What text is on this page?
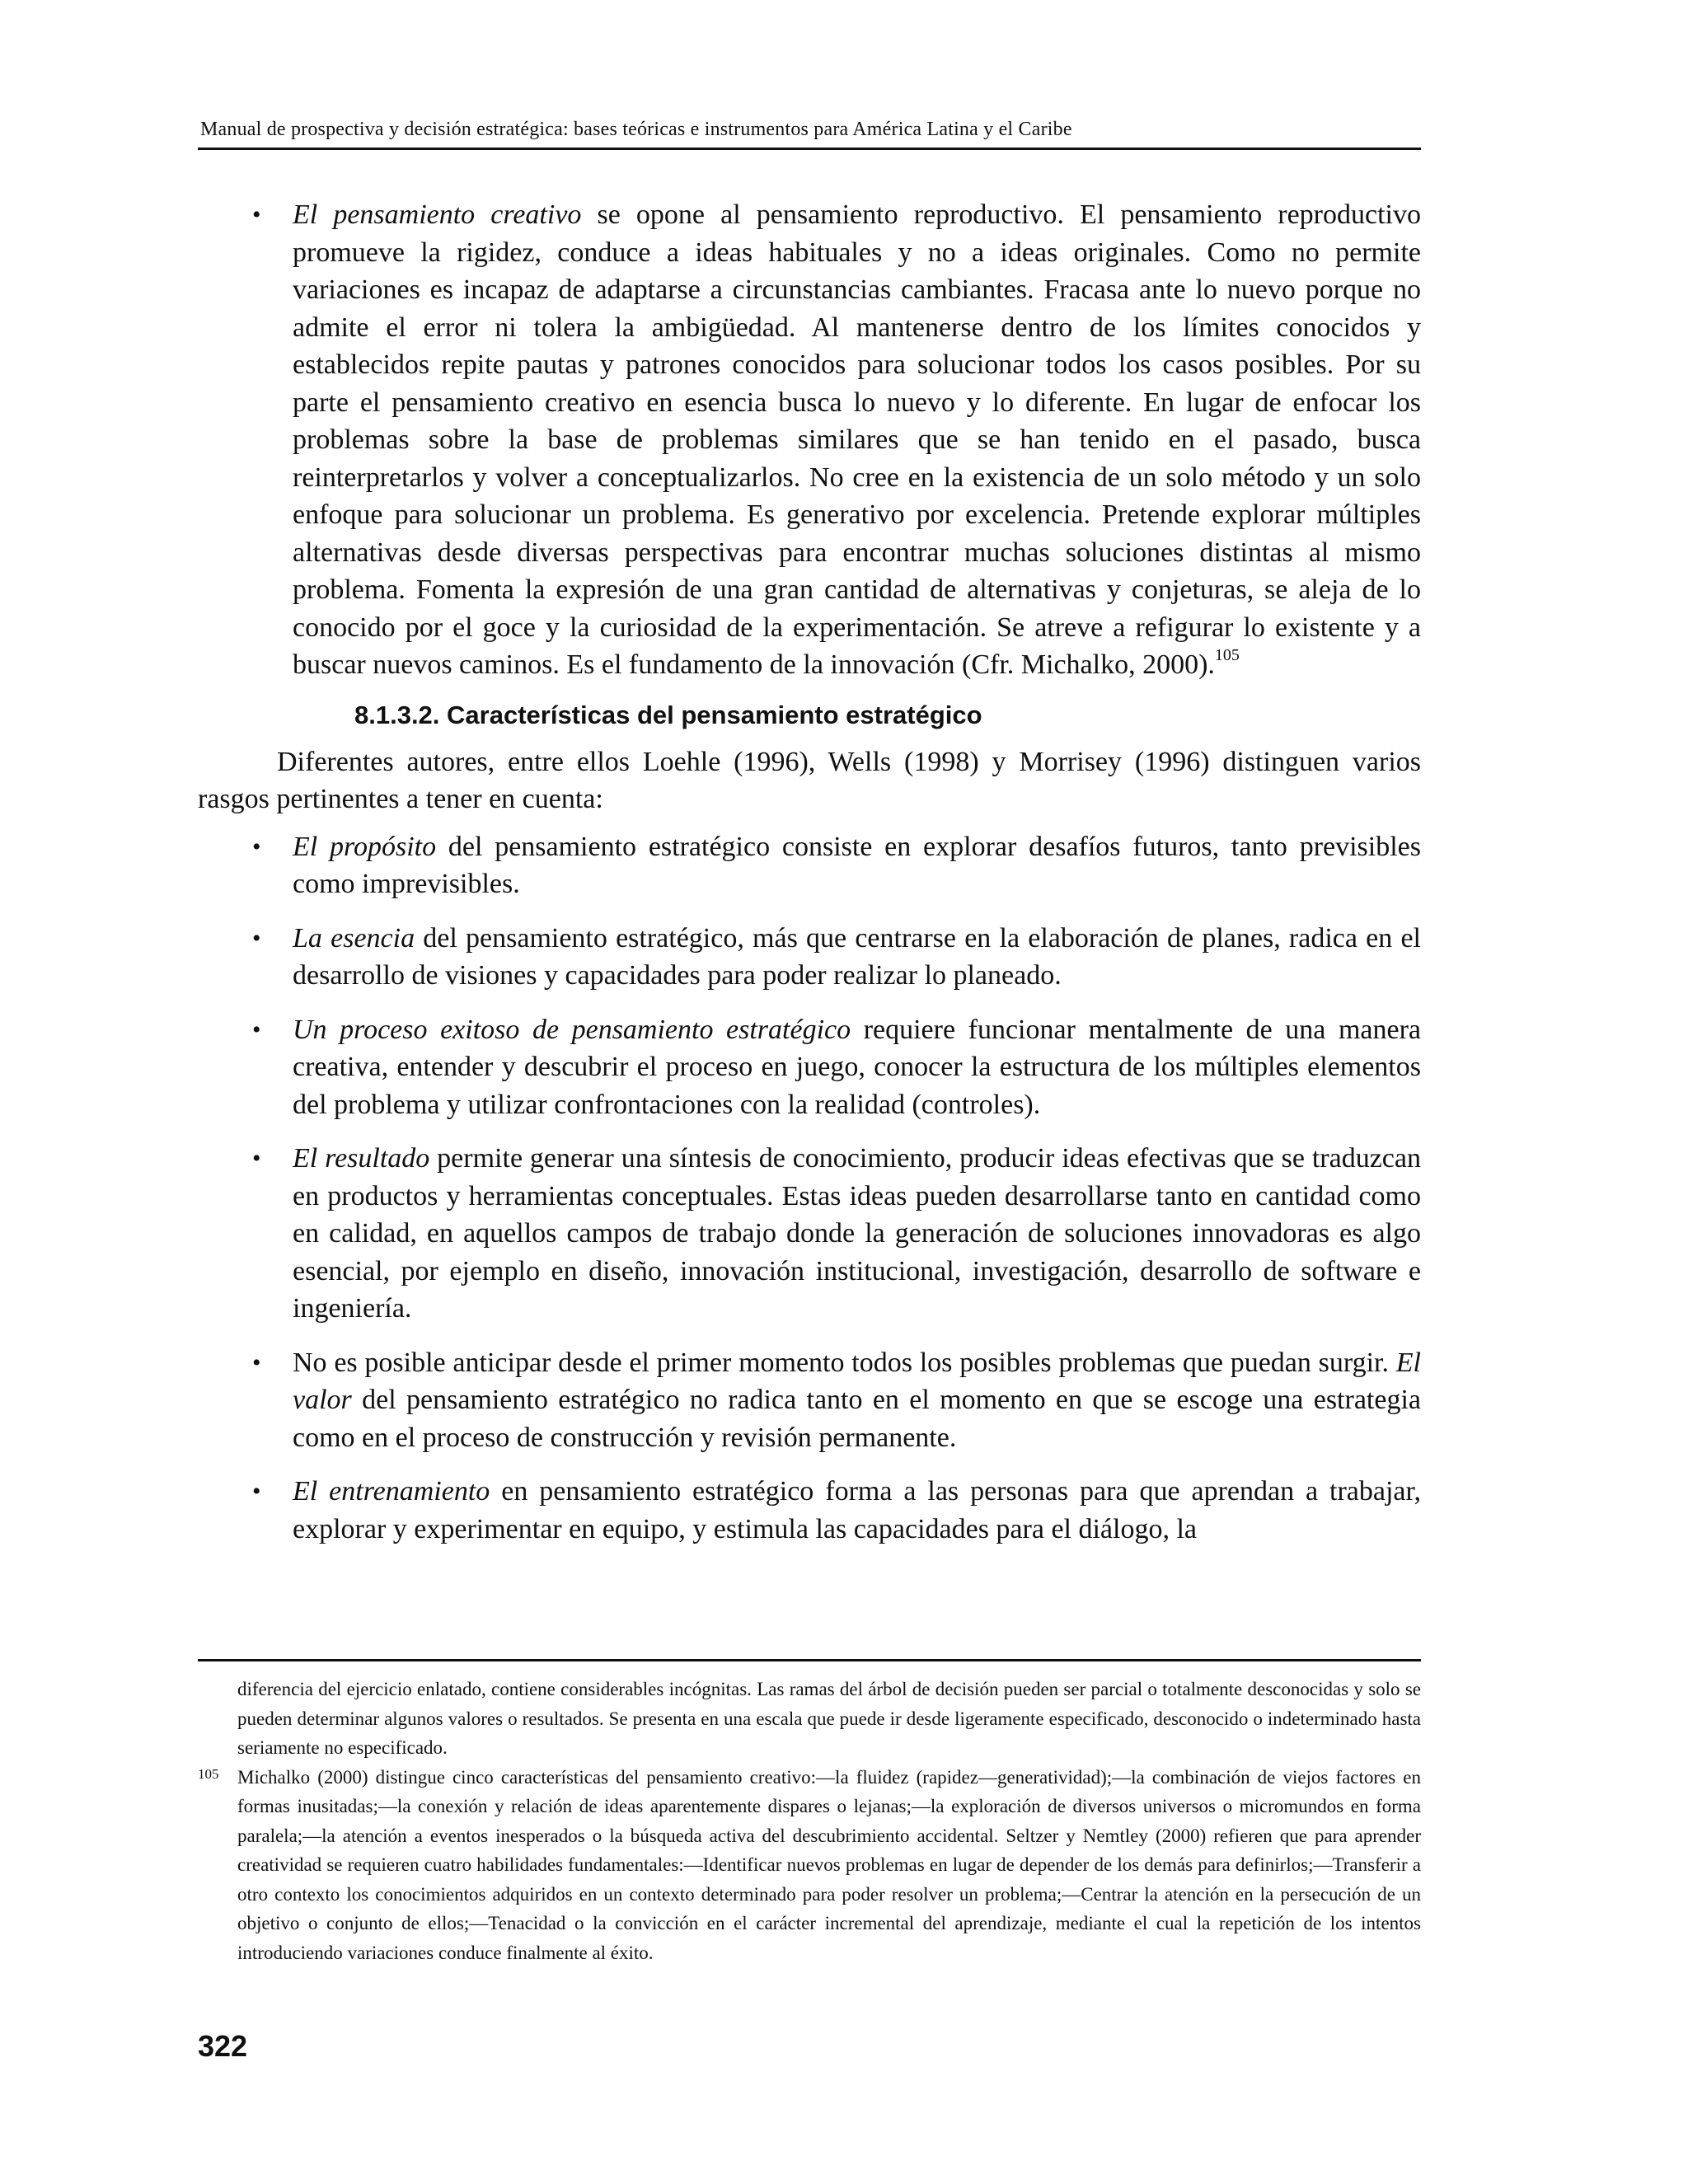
Manual de prospectiva y decisión estratégica: bases teóricas e instrumentos para América Latina y el Caribe

• El pensamiento creativo se opone al pensamiento reproductivo. El pensamiento reproductivo promueve la rigidez, conduce a ideas habituales y no a ideas originales. Como no permite variaciones es incapaz de adaptarse a circunstancias cambiantes. Fracasa ante lo nuevo porque no admite el error ni tolera la ambigüedad. Al mantenerse dentro de los límites conocidos y establecidos repite pautas y patrones conocidos para solucionar todos los casos posibles. Por su parte el pensamiento creativo en esencia busca lo nuevo y lo diferente. En lugar de enfocar los problemas sobre la base de problemas similares que se han tenido en el pasado, busca reinterpretarlos y volver a conceptualizarlos. No cree en la existencia de un solo método y un solo enfoque para solucionar un problema. Es generativo por excelencia. Pretende explorar múltiples alternativas desde diversas perspectivas para encontrar muchas soluciones distintas al mismo problema. Fomenta la expresión de una gran cantidad de alternativas y conjeturas, se aleja de lo conocido por el goce y la curiosidad de la experimentación. Se atreve a refigurar lo existente y a buscar nuevos caminos. Es el fundamento de la innovación (Cfr. Michalko, 2000).$^{105}$

8.1.3.2. Características del pensamiento estratégico

Diferentes autores, entre ellos Loehle (1996), Wells (1998) y Morrisey (1996) distinguen varios rasgos pertinentes a tener en cuenta:

• El propósito del pensamiento estratégico consiste en explorar desafíos futuros, tanto previsibles como imprevisibles.

• La esencia del pensamiento estratégico, más que centrarse en la elaboración de planes, radica en el desarrollo de visiones y capacidades para poder realizar lo planeado.

• Un proceso exitoso de pensamiento estratégico requiere funcionar mentalmente de una manera creativa, entender y descubrir el proceso en juego, conocer la estructura de los múltiples elementos del problema y utilizar confrontaciones con la realidad (controles).

• El resultado permite generar una síntesis de conocimiento, producir ideas efectivas que se traduzcan en productos y herramientas conceptuales. Estas ideas pueden desarrollarse tanto en cantidad como en calidad, en aquellos campos de trabajo donde la generación de soluciones innovadoras es algo esencial, por ejemplo en diseño, innovación institucional, investigación, desarrollo de software e ingeniería.

• No es posible anticipar desde el primer momento todos los posibles problemas que puedan surgir. El valor del pensamiento estratégico no radica tanto en el momento en que se escoge una estrategia como en el proceso de construcción y revisión permanente.

• El entrenamiento en pensamiento estratégico forma a las personas para que aprendan a trabajar, explorar y experimentar en equipo, y estimula las capacidades para el diálogo, la

diferencia del ejercicio enlatado, contiene considerables incógnitas. Las ramas del árbol de decisión pueden ser parcial o totalmente desconocidas y solo se pueden determinar algunos valores o resultados. Se presenta en una escala que puede ir desde ligeramente especificado, desconocido o indeterminado hasta seriamente no especificado.

105 Michalko (2000) distingue cinco características del pensamiento creativo:—la fluidez (rapidez—generatividad);—la combinación de viejos factores en formas inusitadas;—la conexión y relación de ideas aparentemente dispares o lejanas;—la exploración de diversos universos o micromundos en forma paralela;—la atención a eventos inesperados o la búsqueda activa del descubrimiento accidental. Seltzer y Nemtley (2000) refieren que para aprender creatividad se requieren cuatro habilidades fundamentales:—Identificar nuevos problemas en lugar de depender de los demás para definirlos;—Transferir a otro contexto los conocimientos adquiridos en un contexto determinado para poder resolver un problema;—Centrar la atención en la persecución de un objetivo o conjunto de ellos;—Tenacidad o la convicción en el carácter incremental del aprendizaje, mediante el cual la repetición de los intentos introduciendo variaciones conduce finalmente al éxito.

322
